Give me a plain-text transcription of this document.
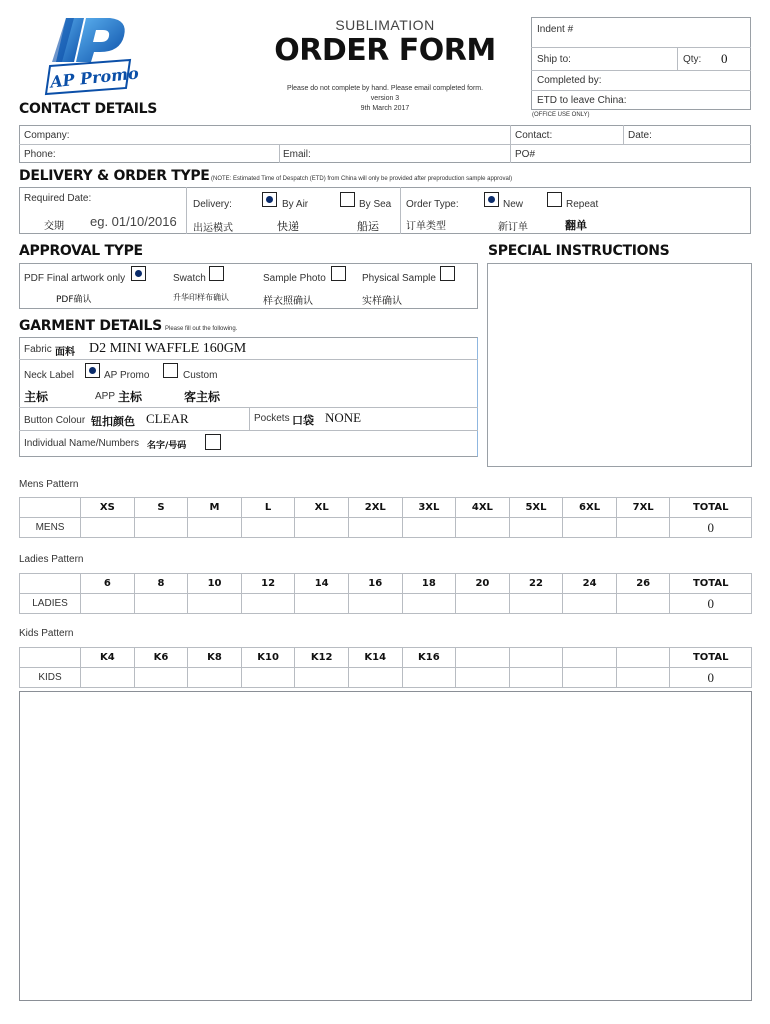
AP Promo
SUBLIMATION
ORDER FORM
Please do not complete by hand. Please email completed form.
version 3
9th March 2017
Indent #
Ship to:	Qty: 0
Completed by:
ETD to leave China:
(OFFICE USE ONLY)
CONTACT DETAILS
Company:	Contact:	Date:
Phone:	Email:	PO#
DELIVERY & ORDER TYPE (NOTE: Estimated Time of Despatch (ETD) from China will only be provided after preproduction sample approval)
Required Date:
交期 eg. 01/10/2016
Delivery:
出运模式
By Air
快递
By Sea
船运
Order Type:
订单类型
New
新订单
Repeat
翻单
APPROVAL TYPE
PDF Final artwork only
PDF确认
Swatch
升华印样布确认
Sample Photo
样衣照确认
Physical Sample
实样确认
SPECIAL INSTRUCTIONS
GARMENT DETAILS Please fill out the following.
Fabric 面料 D2 MINI WAFFLE 160GM
Neck Label
主标
AP Promo
APP 主标
Custom
客主标
Button Colour 钮扣颜色 CLEAR	Pockets 口袋 NONE
Individual Name/Numbers 名字/号码
Mens Pattern
	XS	S	M	L	XL	2XL	3XL	4XL	5XL	6XL	7XL	TOTAL
MENS												0
Ladies Pattern
	6	8	10	12	14	16	18	20	22	24	26	TOTAL
LADIES												0
Kids Pattern
	K4	K6	K8	K10	K12	K14	K16					TOTAL
KIDS												0
